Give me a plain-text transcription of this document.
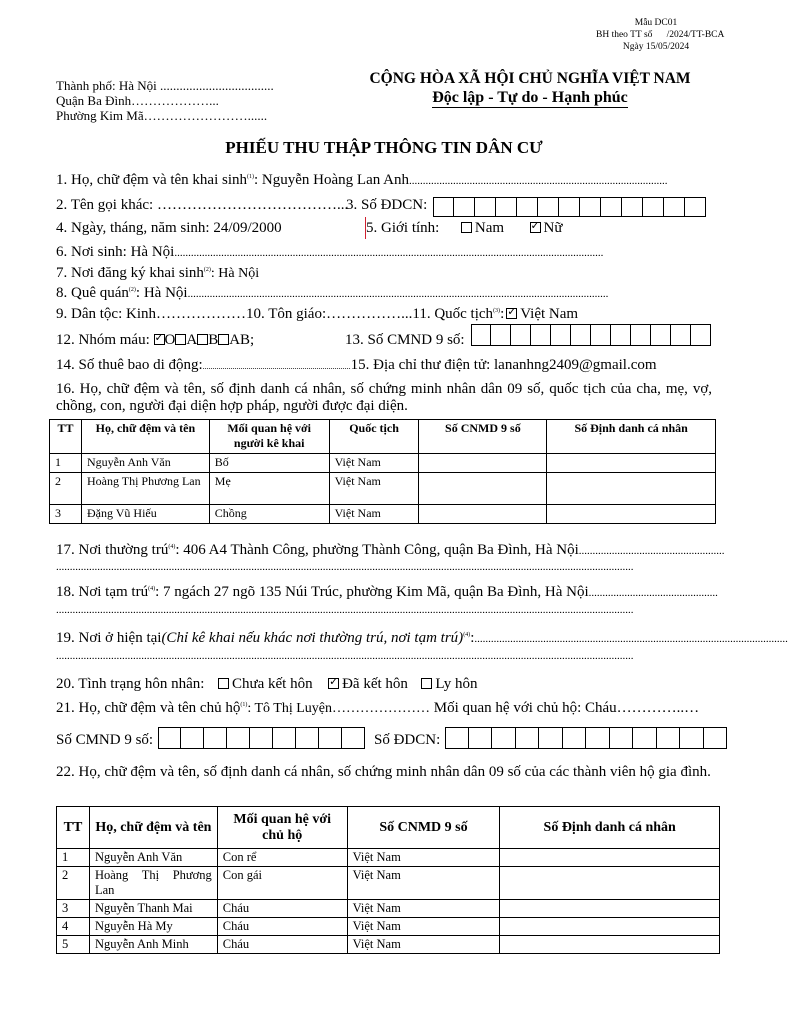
Mẫu DC01
BH theo TT số      /2024/TT-BCA
Ngày 15/05/2024
Thành phố: Hà Nội ...................................
Quận Ba Đình………………...
Phường Kim Mã……………………......
CỘNG HÒA XÃ HỘI CHỦ NGHĨA VIỆT NAM
Độc lập - Tự do - Hạnh phúc
PHIẾU THU THẬP THÔNG TIN DÂN CƯ
1. Họ, chữ đệm và tên khai $\sinh^{(1)}$: Nguyễn Hoàng Lan Anh..............................................................................................
2. Tên gọi khác: ………………………………...
3. Số ĐDCN:
4. Ngày, tháng, năm sinh: 24/09/2000	5. Giới tính: Nam ✓	Nữ
6. Nơi sinh: Hà Nội............................................................................................................................................................
7. Nơi đăng ký khai $\sinh^{(2)}$: Hà Nội
8. Quê quán$^{(2)}$: Hà Nội.........................................................................................................................................................
9. Dân tộc: Kinh………………10. Tôn giáo:……………...11. Quốc tịch$^{(3)}$: ✓ Việt Nam
12. Nhóm máu: ✓ O A B AB;	13. Số CMND 9 số:
14. Số thuê bao di động:..........................................................................15. Địa chỉ thư điện tử: lananhng2409@gmail.com
16. Họ, chữ đệm và tên, số định danh cá nhân, số chứng minh nhân dân 09 số, quốc tịch của cha, mẹ, vợ, chồng, con, người đại diện hợp pháp, người được đại diện.
TT	Họ, chữ đệm và tên	Mối quan hệ với người kê khai	Quốc tịch	Số CNMD 9 số	Số Định danh cá nhân
1	Nguyễn Anh Văn	Bố	Việt Nam		
2	Hoàng Thị Phương Lan	Mẹ	Việt Nam		
3	Đặng Vũ Hiếu	Chồng	Việt Nam		
17. Nơi thường trú$^{(4)}$: 406 A4 Thành Công, phường Thành Công, quận Ba Đình, Hà Nội.....................................................
..................................................................................................................................................................................................................
18. Nơi tạm trú$^{(4)}$: 7 ngách 27 ngõ 135 Núi Trúc, phường Kim Mã, quận Ba Đình, Hà Nội...............................................
..................................................................................................................................................................................................................
19. Nơi ở hiện tại(Chỉ kê khai nếu khác nơi thường trú, nơi tạm trú)$^{(4)}$:..................................................................................................................
..................................................................................................................................................................................................................
20. Tình trạng hôn nhân: Chưa kết hôn ✓ Đã kết hôn Ly hôn
21. Họ, chữ đệm và tên chủ hộ$^{(1)}$: Tô Thị Luyện………………… Mối quan hệ với chủ hộ: Cháu…………..…
Số CMND 9 số:	Số ĐDCN:
22. Họ, chữ đệm và tên, số định danh cá nhân, số chứng minh nhân dân 09 số của các thành viên hộ gia đình.
TT	Họ, chữ đệm và tên	Mối quan hệ với chủ hộ	Số CNMD 9 số	Số Định danh cá nhân
1	Nguyễn Anh Văn	Con rể	Việt Nam	
2	Hoàng Thị Phương Lan	Con gái	Việt Nam	
3	Nguyễn Thanh Mai	Cháu	Việt Nam	
4	Nguyễn Hà My	Cháu	Việt Nam	
5	Nguyễn Anh Minh	Cháu	Việt Nam	
